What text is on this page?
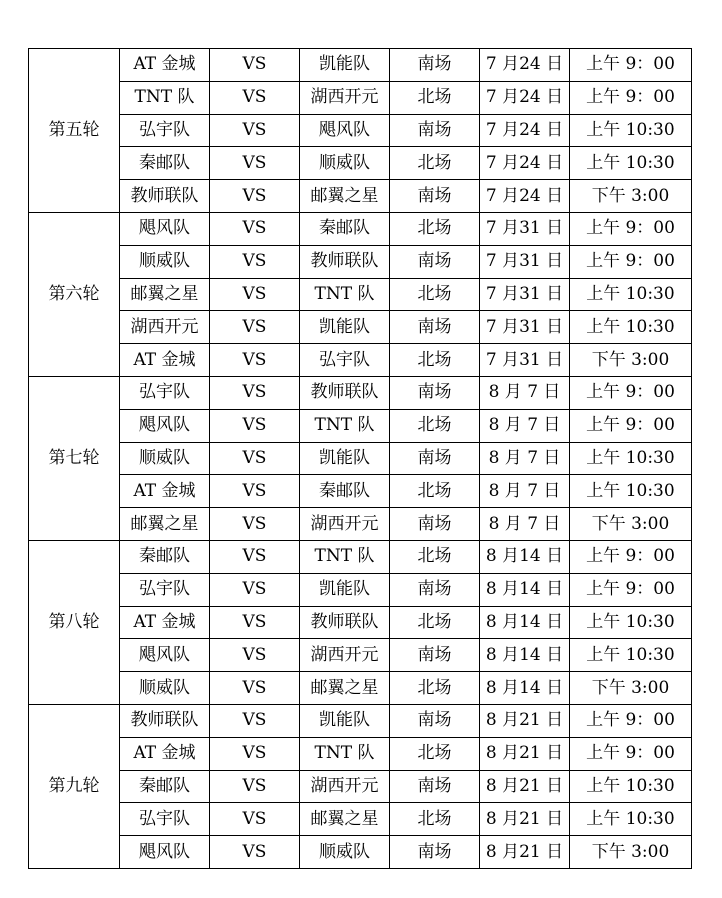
第五轮	AT 金城	VS	凯能队	南场	7 月24 日	上午 9：00
	TNT 队	VS	湖西开元	北场	7 月24 日	上午 9：00
	弘宇队	VS	飓风队	南场	7 月24 日	上午 10:30
	秦邮队	VS	顺威队	北场	7 月24 日	上午 10:30
	教师联队	VS	邮翼之星	南场	7 月24 日	下午 3:00
第六轮	飓风队	VS	秦邮队	北场	7 月31 日	上午 9：00
	顺威队	VS	教师联队	南场	7 月31 日	上午 9：00
	邮翼之星	VS	TNT 队	北场	7 月31 日	上午 10:30
	湖西开元	VS	凯能队	南场	7 月31 日	上午 10:30
	AT 金城	VS	弘宇队	北场	7 月31 日	下午 3:00
第七轮	弘宇队	VS	教师联队	南场	8 月 7 日	上午 9：00
	飓风队	VS	TNT 队	北场	8 月 7 日	上午 9：00
	顺威队	VS	凯能队	南场	8 月 7 日	上午 10:30
	AT 金城	VS	秦邮队	北场	8 月 7 日	上午 10:30
	邮翼之星	VS	湖西开元	南场	8 月 7 日	下午 3:00
第八轮	秦邮队	VS	TNT 队	北场	8 月14 日	上午 9：00
	弘宇队	VS	凯能队	南场	8 月14 日	上午 9：00
	AT 金城	VS	教师联队	北场	8 月14 日	上午 10:30
	飓风队	VS	湖西开元	南场	8 月14 日	上午 10:30
	顺威队	VS	邮翼之星	北场	8 月14 日	下午 3:00
第九轮	教师联队	VS	凯能队	南场	8 月21 日	上午 9：00
	AT 金城	VS	TNT 队	北场	8 月21 日	上午 9：00
	秦邮队	VS	湖西开元	南场	8 月21 日	上午 10:30
	弘宇队	VS	邮翼之星	北场	8 月21 日	上午 10:30
	飓风队	VS	顺威队	南场	8 月21 日	下午 3:00
